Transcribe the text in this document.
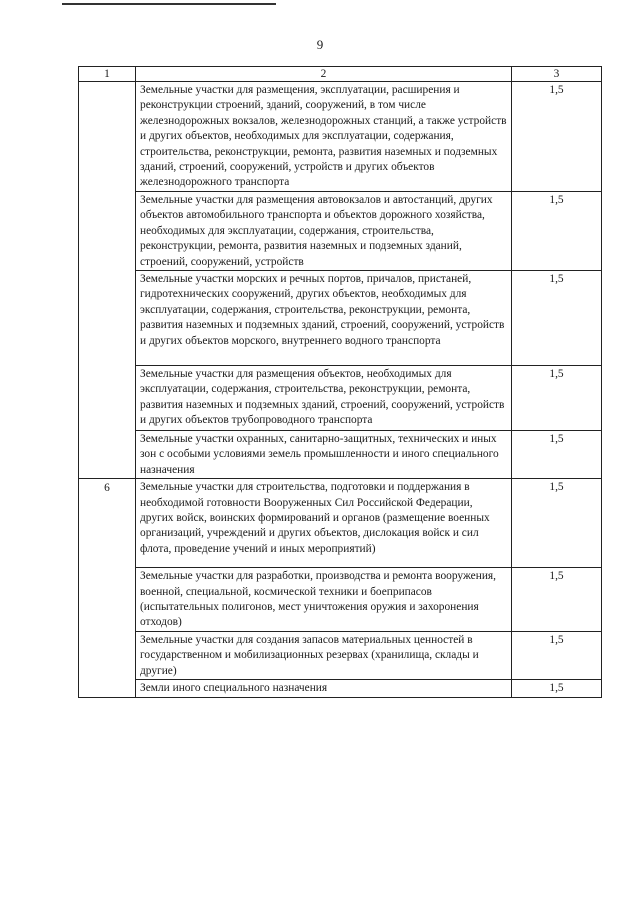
9
1	2	3
	Земельные участки для размещения, эксплуатации, расширения и реконструкции строений, зданий, сооружений, в том числе железнодорожных вокзалов, железнодорожных станций, а также устройств и других объектов, необходимых для эксплуатации, содержания, строительства, реконструкции, ремонта, развития наземных и подземных зданий, строений, сооружений, устройств и других объектов железнодорожного транспорта	1,5
	Земельные участки для размещения автовокзалов и автостанций, других объектов автомобильного транспорта и объектов дорожного хозяйства, необходимых для эксплуатации, содержания, строительства, реконструкции, ремонта, развития наземных и подземных зданий, строений, сооружений, устройств	1,5
	Земельные участки морских и речных портов, причалов, пристаней, гидротехнических сооружений, других объектов, необходимых для эксплуатации, содержания, строительства, реконструкции, ремонта, развития наземных и подземных зданий, строений, сооружений, устройств и других объектов морского, внутреннего водного транспорта	1,5
	Земельные участки для размещения объектов, необходимых для эксплуатации, содержания, строительства, реконструкции, ремонта, развития наземных и подземных зданий, строений, сооружений, устройств и других объектов трубопроводного транспорта	1,5
	Земельные участки охранных, санитарно-защитных, технических и иных зон с особыми условиями земель промышленности и иного специального назначения	1,5
6	Земельные участки для строительства, подготовки и поддержания в необходимой готовности Вооруженных Сил Российской Федерации, других войск, воинских формирований и органов (размещение военных организаций, учреждений и других объектов, дислокация войск и сил флота, проведение учений и иных мероприятий)	1,5
	Земельные участки для разработки, производства и ремонта вооружения, военной, специальной, космической техники и боеприпасов (испытательных полигонов, мест уничтожения оружия и захоронения отходов)	1,5
	Земельные участки для создания запасов материальных ценностей в государственном и мобилизационных резервах (хранилища, склады и другие)	1,5
	Земли иного специального назначения	1,5
